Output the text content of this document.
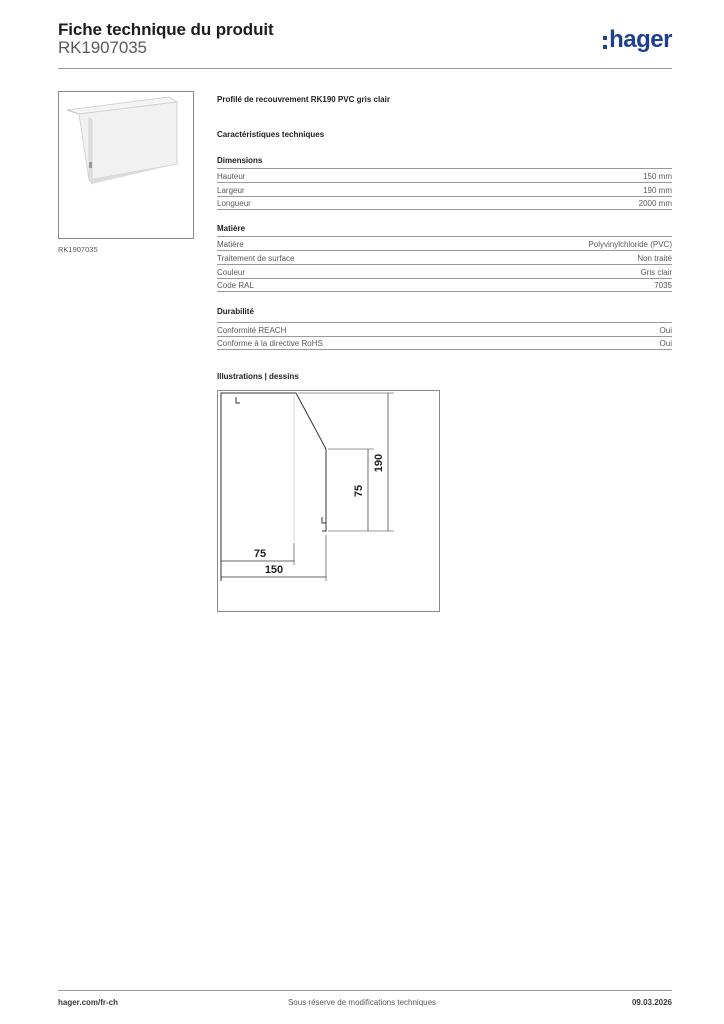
Fiche technique du produit
RK1907035	hager
RK1907035
Profilé de recouvrement RK190 PVC gris clair
Caractéristiques techniques
Dimensions
Hauteur	150 mm
Largeur	190 mm
Longueur	2000 mm
Matière
Matière	Polyvinylchloride (PVC)
Traitement de surface	Non traité
Couleur	Gris clair
Code RAL	7035
Durabilité
Conformité REACH	Oui
Conforme à la directive RoHS	Oui
Illustrations | dessins
190
75
75
150
hager.com/fr-ch	Sous réserve de modifications techniques	09.03.2026
